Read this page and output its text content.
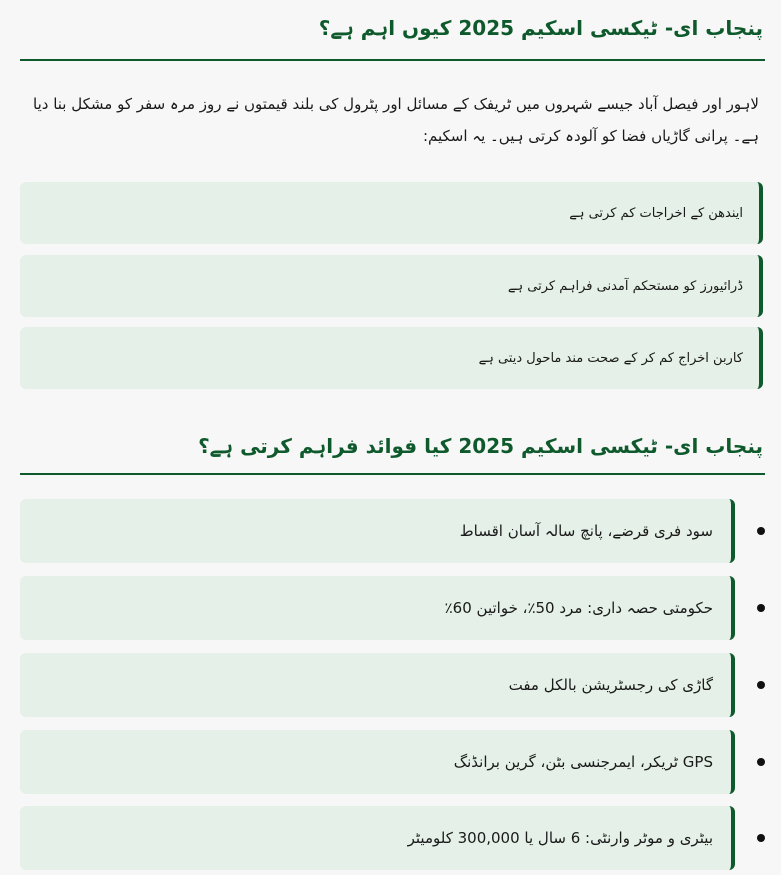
پنجاب ای- ٹیکسی اسکیم 2025 کیوں اہم ہے؟
لاہور اور فیصل آباد جیسے شہروں میں ٹریفک کے مسائل اور پٹرول کی بلند قیمتوں نے روز مرہ سفر کو مشکل بنا دیا ہے۔ پرانی گاڑیاں فضا کو آلودہ کرتی ہیں۔ یہ اسکیم:
ایندھن کے اخراجات کم کرتی ہے
ڈرائیورز کو مستحکم آمدنی فراہم کرتی ہے
کاربن اخراج کم کر کے صحت مند ماحول دیتی ہے
پنجاب ای- ٹیکسی اسکیم 2025 کیا فوائد فراہم کرتی ہے؟
سود فری قرضے، پانچ سالہ آسان اقساط
حکومتی حصہ داری: مرد 50٪، خواتین 60٪
گاڑی کی رجسٹریشن بالکل مفت
GPS ٹریکر، ایمرجنسی بٹن، گرین برانڈنگ
بیٹری و موٹر وارنٹی: 6 سال یا 300,000 کلومیٹر
